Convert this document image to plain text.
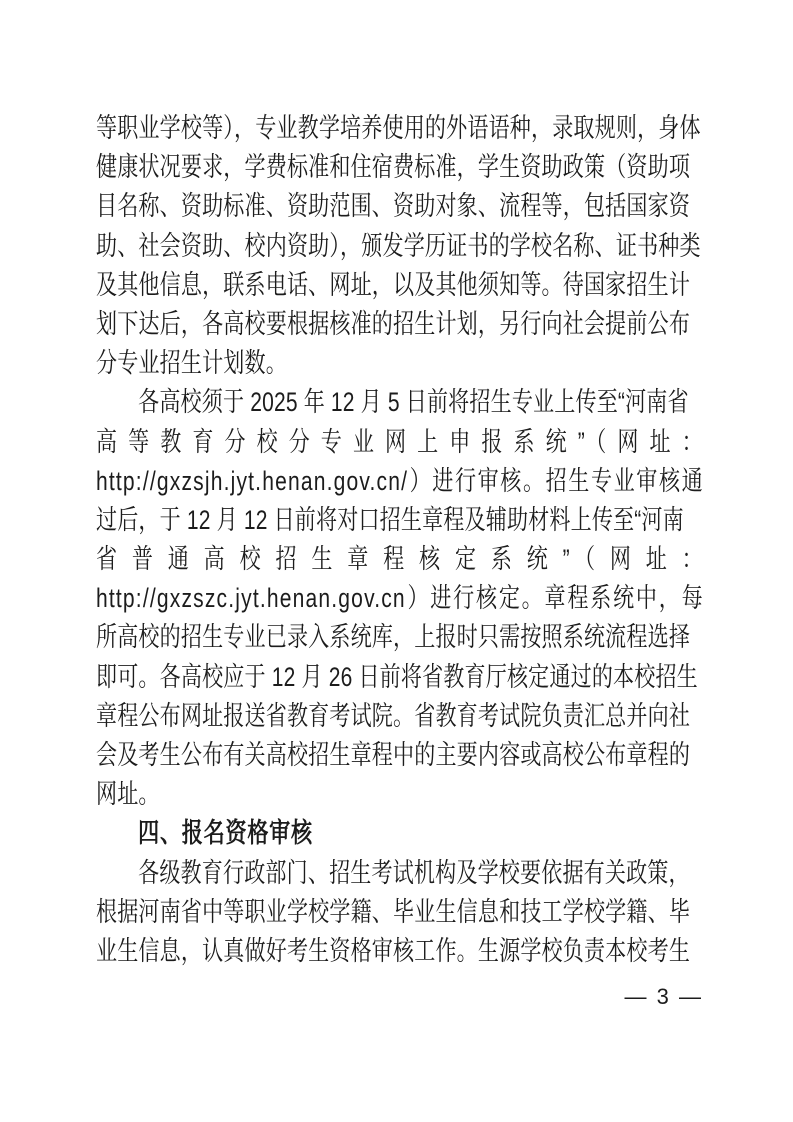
等职业学校等），专业教学培养使用的外语语种，录取规则，身体
健康状况要求，学费标准和住宿费标准，学生资助政策（资助项
目名称、资助标准、资助范围、资助对象、流程等，包括国家资
助、社会资助、校内资助），颁发学历证书的学校名称、证书种类
及其他信息，联系电话、网址，以及其他须知等。待国家招生计
划下达后，各高校要根据核准的招生计划，另行向社会提前公布
分专业招生计划数。
各高校须于 2025 年 12 月 5 日前将招生专业上传至“河南省
高等教育分校分专业网上申报系统”（网址：
http://gxzsjh.jyt.henan.gov.cn/）进行审核。招生专业审核通
过后，于 12 月 12 日前将对口招生章程及辅助材料上传至“河南
省普通高校招生章程核定系统”（网址：
http://gxzszc.jyt.henan.gov.cn）进行核定。章程系统中，每
所高校的招生专业已录入系统库，上报时只需按照系统流程选择
即可。各高校应于 12 月 26 日前将省教育厅核定通过的本校招生
章程公布网址报送省教育考试院。省教育考试院负责汇总并向社
会及考生公布有关高校招生章程中的主要内容或高校公布章程的
网址。
四、报名资格审核
各级教育行政部门、招生考试机构及学校要依据有关政策，
根据河南省中等职业学校学籍、毕业生信息和技工学校学籍、毕
业生信息，认真做好考生资格审核工作。生源学校负责本校考生
— 3 —
